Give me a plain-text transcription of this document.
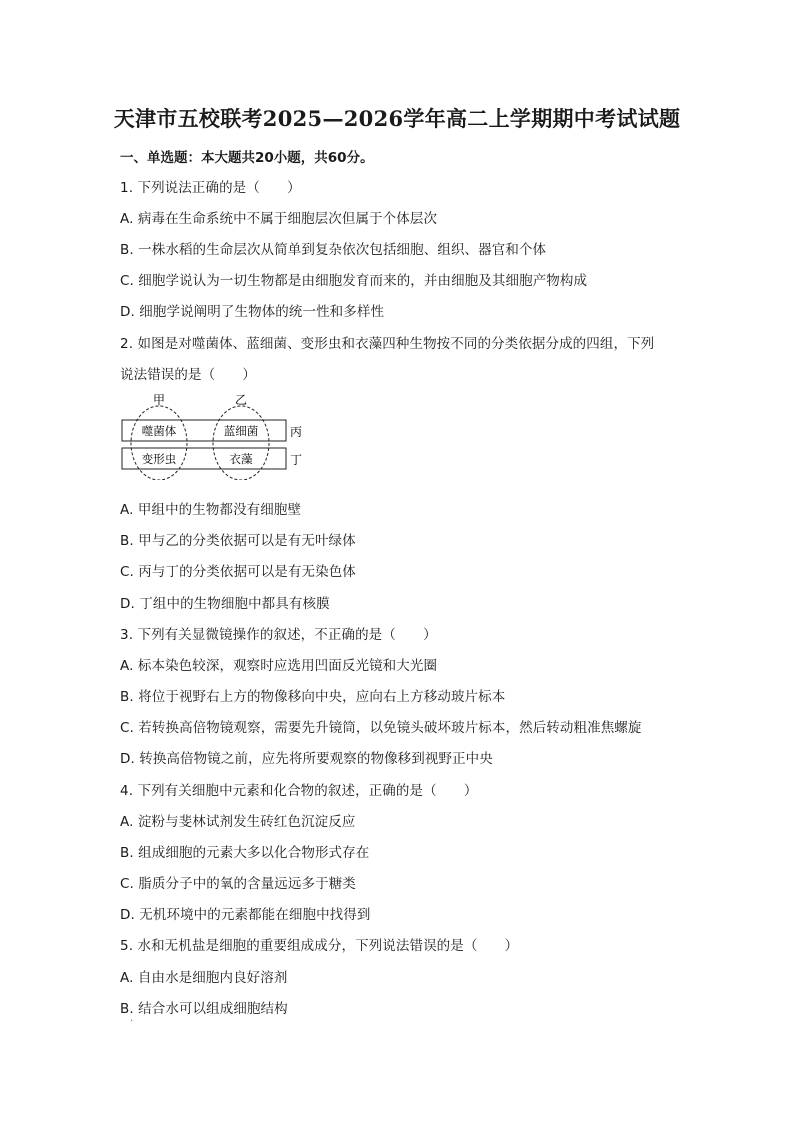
天津市五校联考2025—2026学年高二上学期期中考试试题
一、单选题：本大题共20小题，共60分。
1. 下列说法正确的是（　　）
A. 病毒在生命系统中不属于细胞层次但属于个体层次
B. 一株水稻的生命层次从简单到复杂依次包括细胞、组织、器官和个体
C. 细胞学说认为一切生物都是由细胞发育而来的，并由细胞及其细胞产物构成
D. 细胞学说阐明了生物体的统一性和多样性
2. 如图是对噬菌体、蓝细菌、变形虫和衣藻四种生物按不同的分类依据分成的四组，下列
说法错误的是（　　）
甲	乙
丙
丁
噬菌体	蓝细菌
变形虫	衣藻
A. 甲组中的生物都没有细胞壁
B. 甲与乙的分类依据可以是有无叶绿体
C. 丙与丁的分类依据可以是有无染色体
D. 丁组中的生物细胞中都具有核膜
3. 下列有关显微镜操作的叙述，不正确的是（　　）
A. 标本染色较深，观察时应选用凹面反光镜和大光圈
B. 将位于视野右上方的物像移向中央，应向右上方移动玻片标本
C. 若转换高倍物镜观察，需要先升镜筒，以免镜头破坏玻片标本，然后转动粗准焦螺旋
D. 转换高倍物镜之前，应先将所要观察的物像移到视野正中央
4. 下列有关细胞中元素和化合物的叙述，正确的是（　　）
A. 淀粉与斐林试剂发生砖红色沉淀反应
B. 组成细胞的元素大多以化合物形式存在
C. 脂质分子中的氧的含量远远多于糖类
D. 无机环境中的元素都能在细胞中找得到
5. 水和无机盐是细胞的重要组成成分，下列说法错误的是（　　）
A. 自由水是细胞内良好溶剂
B. 结合水可以组成细胞结构
·
